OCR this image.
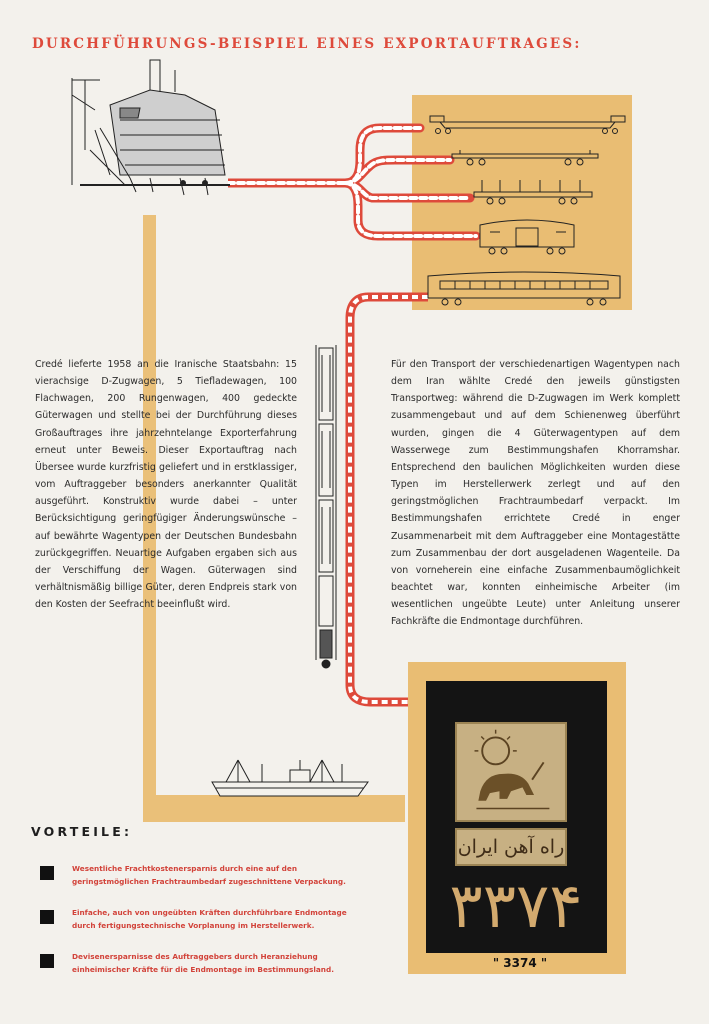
DURCHFÜHRUNGS-BEISPIEL EINES EXPORTAUFTRAGES:

Credé lieferte 1958 an die Iranische Staatsbahn: 15 vierachsige D-Zugwagen, 5 Tiefladewagen, 100 Flachwagen, 200 Rungenwagen, 400 gedeckte Güterwagen und stellte bei der Durchführung dieses Großauftrages ihre jahrzehntelange Exporterfahrung erneut unter Beweis. Dieser Exportauftrag nach Übersee wurde kurzfristig geliefert und in erstklassiger, vom Auftraggeber besonders anerkannter Qualität ausgeführt. Konstruktiv wurde dabei – unter Berücksichtigung geringfügiger Änderungswünsche – auf bewährte Wagentypen der Deutschen Bundesbahn zurückgegriffen. Neuartige Aufgaben ergaben sich aus der Verschiffung der Wagen. Güterwagen sind verhältnismäßig billige Güter, deren Endpreis stark von den Kosten der Seefracht beeinflußt wird.

Für den Transport der verschiedenartigen Wagentypen nach dem Iran wählte Credé den jeweils günstigsten Transportweg: während die D-Zugwagen im Werk komplett zusammengebaut und auf dem Schienenweg überführt wurden, gingen die 4 Güterwagentypen auf dem Wasserwege zum Bestimmungshafen Khorramshar. Entsprechend den baulichen Möglichkeiten wurden diese Typen im Herstellerwerk zerlegt und auf den geringstmöglichen Frachtraumbedarf verpackt. Im Bestimmungshafen errichtete Credé in enger Zusammenarbeit mit dem Auftraggeber eine Montagestätte zum Zusammenbau der dort ausgeladenen Wagenteile. Da von vorneherein eine einfache Zusammenbaumöglichkeit beachtet war, konnten einheimische Arbeiter (im wesentlichen ungeübte Leute) unter Anleitung unserer Fachkräfte die Endmontage durchführen.

راه آهن ایران
۳۳۷۴
" 3374 "
VORTEILE:
Wesentliche Frachtkostenersparnis durch eine auf den geringstmöglichen Frachtraumbedarf zugeschnittene Verpackung.
Einfache, auch von ungeübten Kräften durchführbare Endmontage durch fertigungstechnische Vorplanung im Herstellerwerk.
Devisenersparnisse des Auftraggebers durch Heranziehung einheimischer Kräfte für die Endmontage im Bestimmungsland.
